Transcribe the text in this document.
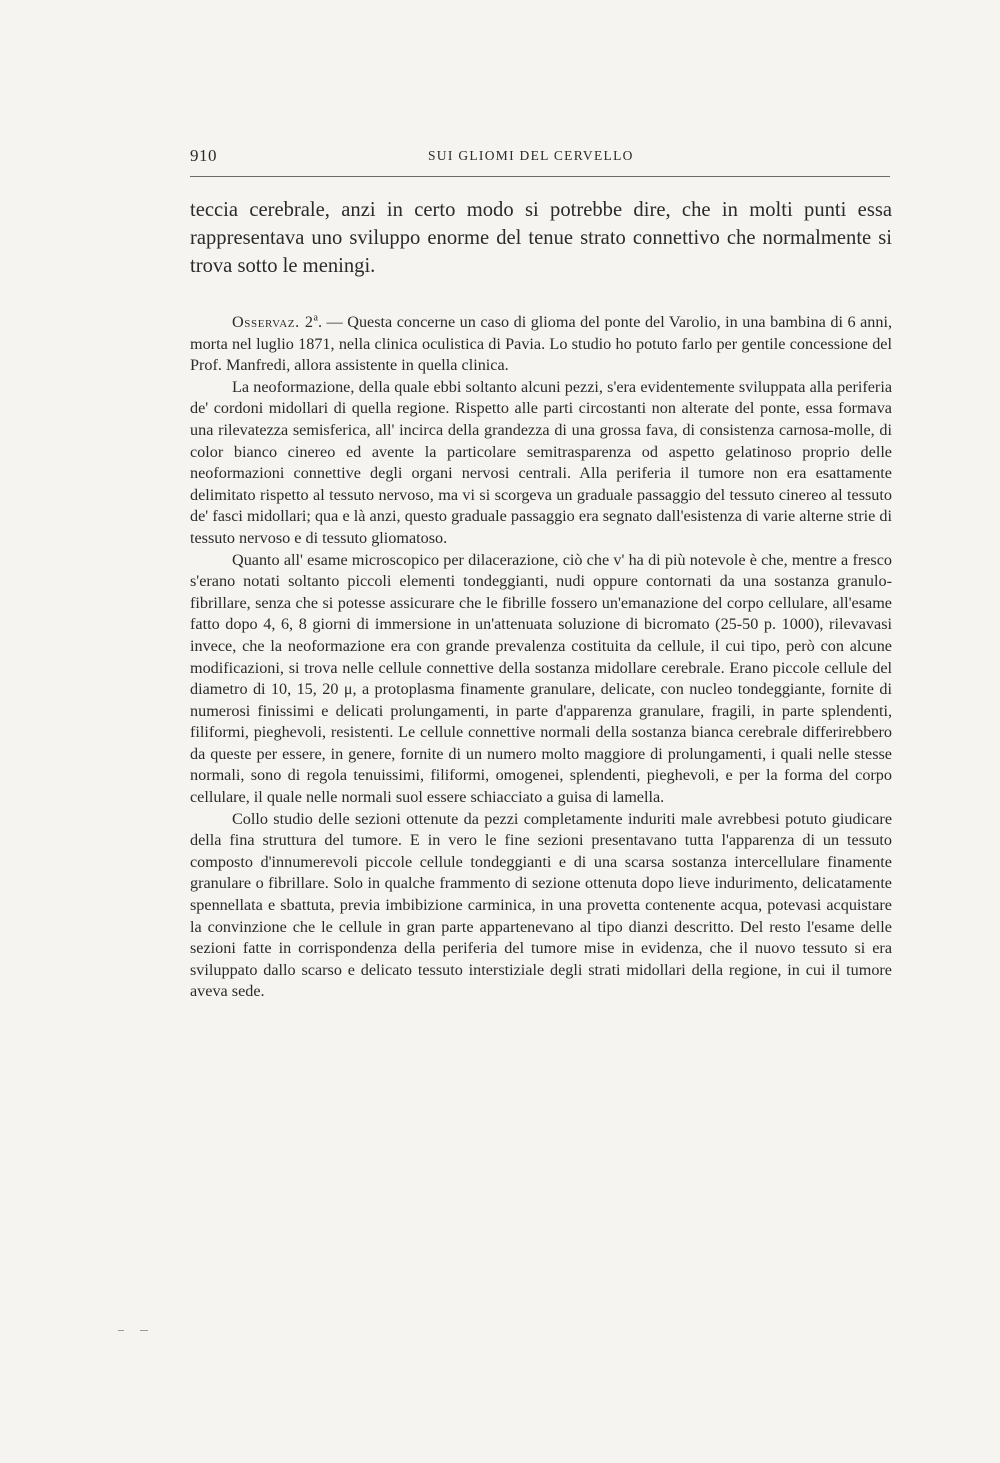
910	SUI GLIOMI DEL CERVELLO
teccia cerebrale, anzi in certo modo si potrebbe dire, che in molti punti essa rappresentava uno sviluppo enorme del tenue strato connettivo che normalmente si trova sotto le meningi.

Osservaz. 2$^a$. — Questa concerne un caso di glioma del ponte del Varolio, in una bambina di 6 anni, morta nel luglio 1871, nella clinica oculistica di Pavia. Lo studio ho potuto farlo per gentile concessione del Prof. Manfredi, allora assistente in quella clinica.

La neoformazione, della quale ebbi soltanto alcuni pezzi, s'era evidentemente sviluppata alla periferia de' cordoni midollari di quella regione. Rispetto alle parti circostanti non alterate del ponte, essa formava una rilevatezza semisferica, all' incirca della grandezza di una grossa fava, di consistenza carnosa-molle, di color bianco cinereo ed avente la particolare semitrasparenza od aspetto gelatinoso proprio delle neoformazioni connettive degli organi nervosi centrali. Alla periferia il tumore non era esattamente delimitato rispetto al tessuto nervoso, ma vi si scorgeva un graduale passaggio del tessuto cinereo al tessuto de' fasci midollari; qua e là anzi, questo graduale passaggio era segnato dall'esistenza di varie alterne strie di tessuto nervoso e di tessuto gliomatoso.

Quanto all' esame microscopico per dilacerazione, ciò che v' ha di più notevole è che, mentre a fresco s'erano notati soltanto piccoli elementi tondeggianti, nudi oppure contornati da una sostanza granulo-fibrillare, senza che si potesse assicurare che le fibrille fossero un'emanazione del corpo cellulare, all'esame fatto dopo 4, 6, 8 giorni di immersione in un'attenuata soluzione di bicromato (25-50 p. 1000), rilevavasi invece, che la neoformazione era con grande prevalenza costituita da cellule, il cui tipo, però con alcune modificazioni, si trova nelle cellule connettive della sostanza midollare cerebrale. Erano piccole cellule del diametro di 10, 15, 20 μ, a protoplasma finamente granulare, delicate, con nucleo tondeggiante, fornite di numerosi finissimi e delicati prolungamenti, in parte d'apparenza granulare, fragili, in parte splendenti, filiformi, pieghevoli, resistenti. Le cellule connettive normali della sostanza bianca cerebrale differirebbero da queste per essere, in genere, fornite di un numero molto maggiore di prolungamenti, i quali nelle stesse normali, sono di regola tenuissimi, filiformi, omogenei, splendenti, pieghevoli, e per la forma del corpo cellulare, il quale nelle normali suol essere schiacciato a guisa di lamella.

Collo studio delle sezioni ottenute da pezzi completamente induriti male avrebbesi potuto giudicare della fina struttura del tumore. E in vero le fine sezioni presentavano tutta l'apparenza di un tessuto composto d'innumerevoli piccole cellule tondeggianti e di una scarsa sostanza intercellulare finamente granulare o fibrillare. Solo in qualche frammento di sezione ottenuta dopo lieve indurimento, delicatamente spennellata e sbattuta, previa imbibizione carminica, in una provetta contenente acqua, potevasi acquistare la convinzione che le cellule in gran parte appartenevano al tipo dianzi descritto. Del resto l'esame delle sezioni fatte in corrispondenza della periferia del tumore mise in evidenza, che il nuovo tessuto si era sviluppato dallo scarso e delicato tessuto interstiziale degli strati midollari della regione, in cui il tumore aveva sede.
